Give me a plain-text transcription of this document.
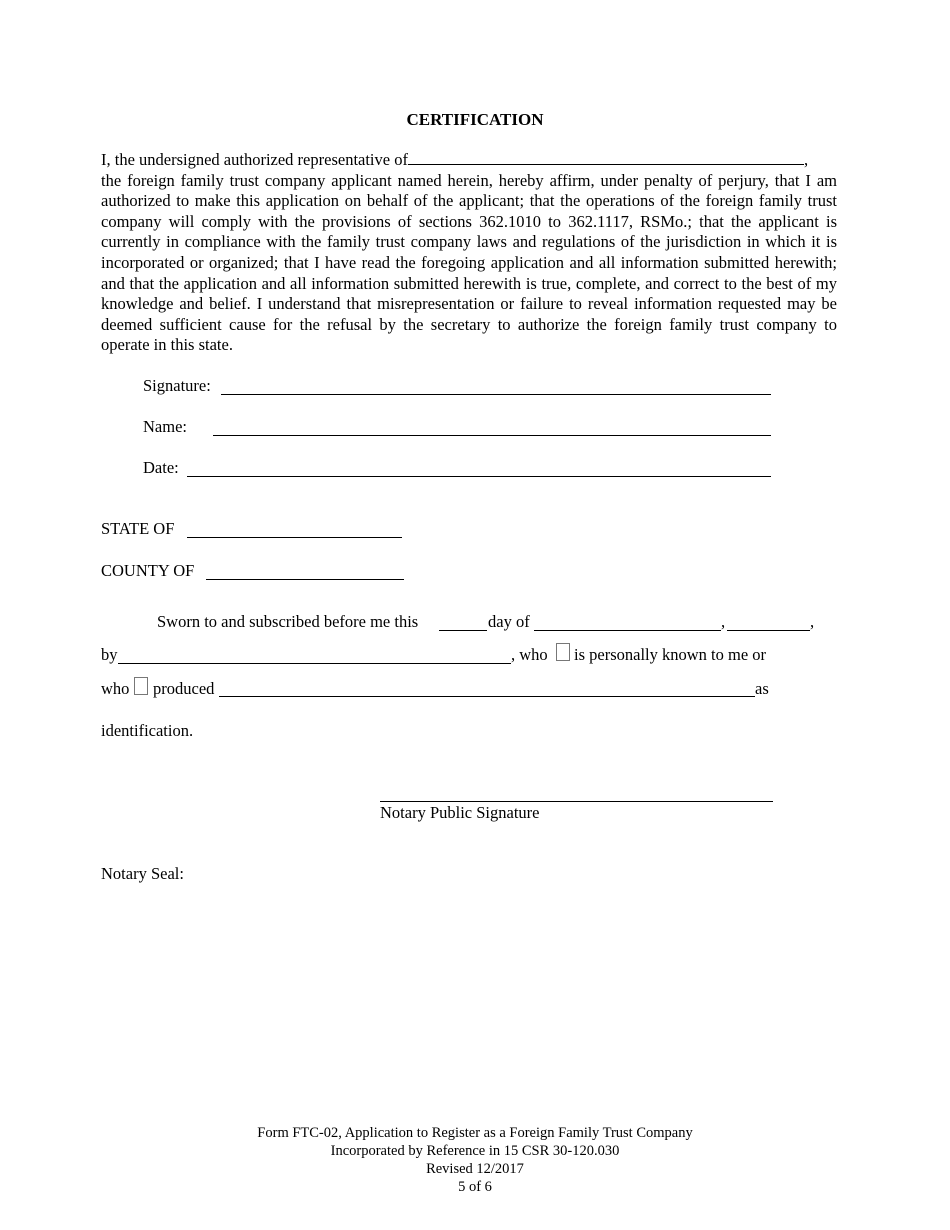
CERTIFICATION
I, the undersigned authorized representative of	,
the foreign family trust company applicant named herein, hereby affirm, under penalty of perjury, that I am authorized to make this application on behalf of the applicant; that the operations of the foreign family trust company will comply with the provisions of sections 362.1010 to 362.1117, RSMo.; that the applicant is currently in compliance with the family trust company laws and regulations of the jurisdiction in which it is incorporated or organized; that I have read the foregoing application and all information submitted herewith; and that the application and all information submitted herewith is true, complete, and correct to the best of my knowledge and belief. I understand that misrepresentation or failure to reveal information requested may be deemed sufficient cause for the refusal by the secretary to authorize the foreign family trust company to operate in this state.
Signature:
Name:
Date:
STATE OF
COUNTY OF
Sworn to and subscribed before me this	day of	,	,
by	, who is personally known to me or
who produced	as
identification.
Notary Public Signature
Notary Seal:
Form FTC-02, Application to Register as a Foreign Family Trust Company
Incorporated by Reference in 15 CSR 30-120.030
Revised 12/2017
5 of 6
